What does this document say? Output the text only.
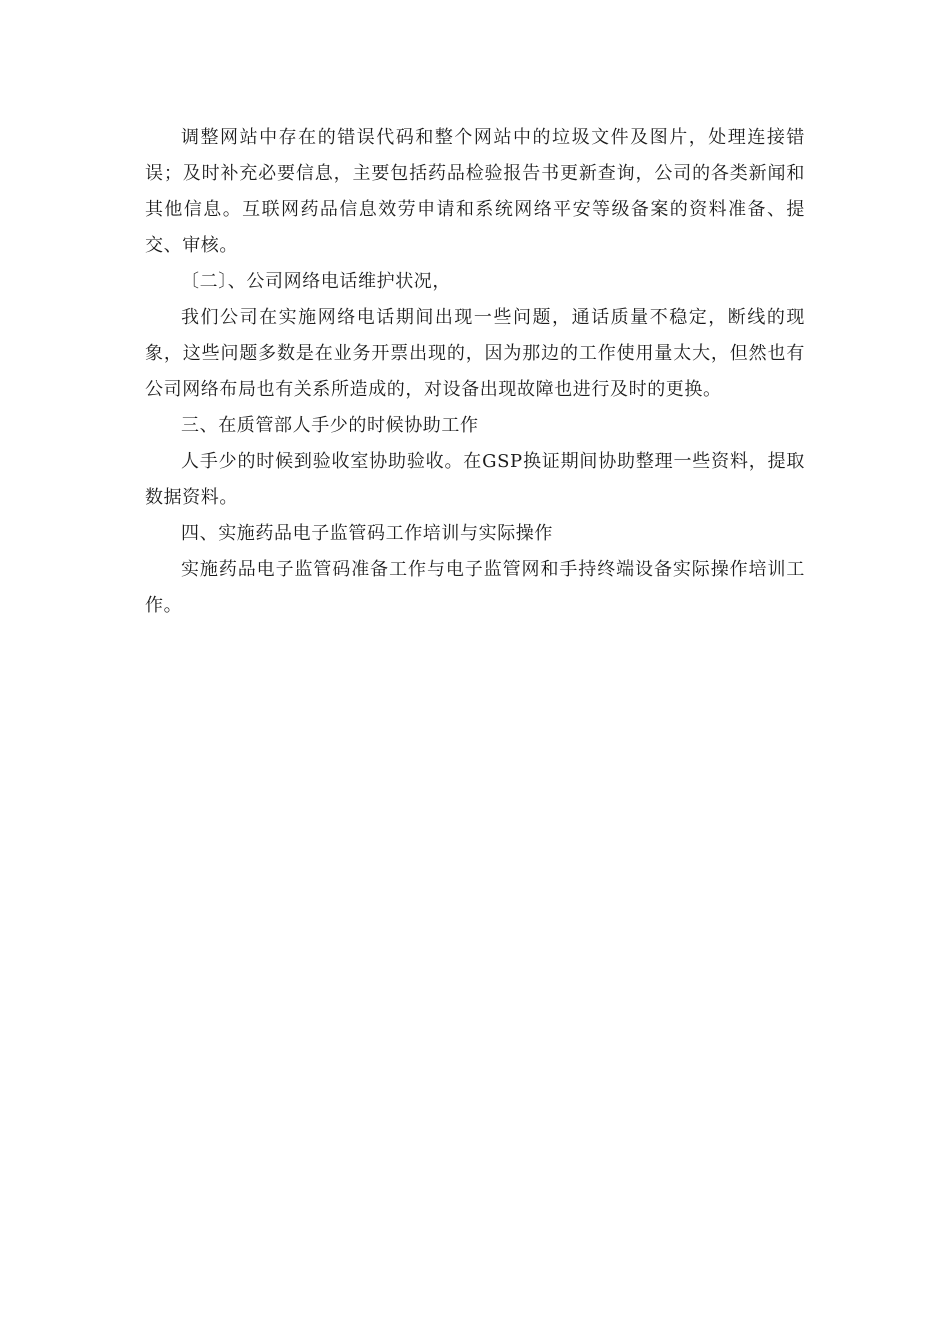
调整网站中存在的错误代码和整个网站中的垃圾文件及图片，处理连接错误；及时补充必要信息，主要包括药品检验报告书更新查询，公司的各类新闻和其他信息。互联网药品信息效劳申请和系统网络平安等级备案的资料准备、提交、审核。

〔二〕、公司网络电话维护状况，

我们公司在实施网络电话期间出现一些问题，通话质量不稳定，断线的现象，这些问题多数是在业务开票出现的，因为那边的工作使用量太大，但然也有公司网络布局也有关系所造成的，对设备出现故障也进行及时的更换。

三、在质管部人手少的时候协助工作

人手少的时候到验收室协助验收。在GSP换证期间协助整理一些资料，提取数据资料。

四、实施药品电子监管码工作培训与实际操作

实施药品电子监管码准备工作与电子监管网和手持终端设备实际操作培训工作。
